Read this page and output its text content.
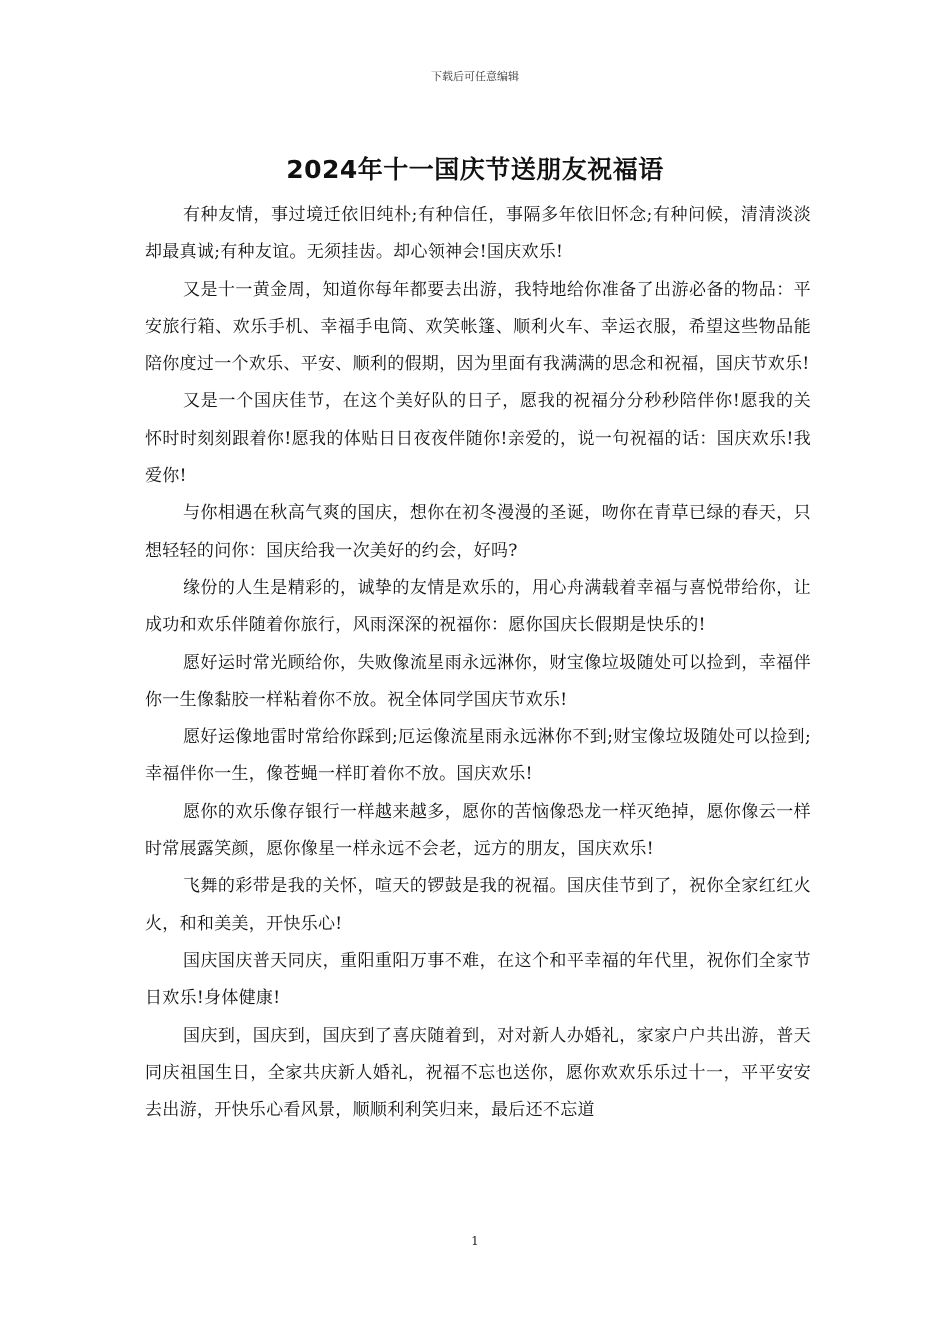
下载后可任意编辑
2024年十一国庆节送朋友祝福语

有种友情，事过境迁依旧纯朴;有种信任，事隔多年依旧怀念;有种问候，清清淡淡却最真诚;有种友谊。无须挂齿。却心领神会!国庆欢乐!

又是十一黄金周，知道你每年都要去出游，我特地给你准备了出游必备的物品：平安旅行箱、欢乐手机、幸福手电筒、欢笑帐篷、顺利火车、幸运衣服，希望这些物品能陪你度过一个欢乐、平安、顺利的假期，因为里面有我满满的思念和祝福，国庆节欢乐!

又是一个国庆佳节，在这个美好队的日子，愿我的祝福分分秒秒陪伴你!愿我的关怀时时刻刻跟着你!愿我的体贴日日夜夜伴随你!亲爱的，说一句祝福的话：国庆欢乐!我爱你!

与你相遇在秋高气爽的国庆，想你在初冬漫漫的圣诞，吻你在青草已绿的春天，只想轻轻的问你：国庆给我一次美好的约会，好吗?

缘份的人生是精彩的，诚挚的友情是欢乐的，用心舟满载着幸福与喜悦带给你，让成功和欢乐伴随着你旅行，风雨深深的祝福你：愿你国庆长假期是快乐的!

愿好运时常光顾给你，失败像流星雨永远淋你，财宝像垃圾随处可以捡到，幸福伴你一生像黏胶一样粘着你不放。祝全体同学国庆节欢乐!

愿好运像地雷时常给你踩到;厄运像流星雨永远淋你不到;财宝像垃圾随处可以捡到;幸福伴你一生，像苍蝇一样盯着你不放。国庆欢乐!

愿你的欢乐像存银行一样越来越多，愿你的苦恼像恐龙一样灭绝掉，愿你像云一样时常展露笑颜，愿你像星一样永远不会老，远方的朋友，国庆欢乐!

飞舞的彩带是我的关怀，喧天的锣鼓是我的祝福。国庆佳节到了，祝你全家红红火火，和和美美，开快乐心!

国庆国庆普天同庆，重阳重阳万事不难，在这个和平幸福的年代里，祝你们全家节日欢乐!身体健康!

国庆到，国庆到，国庆到了喜庆随着到，对对新人办婚礼，家家户户共出游，普天同庆祖国生日，全家共庆新人婚礼，祝福不忘也送你，愿你欢欢乐乐过十一，平平安安去出游，开快乐心看风景，顺顺利利笑归来，最后还不忘道

1
